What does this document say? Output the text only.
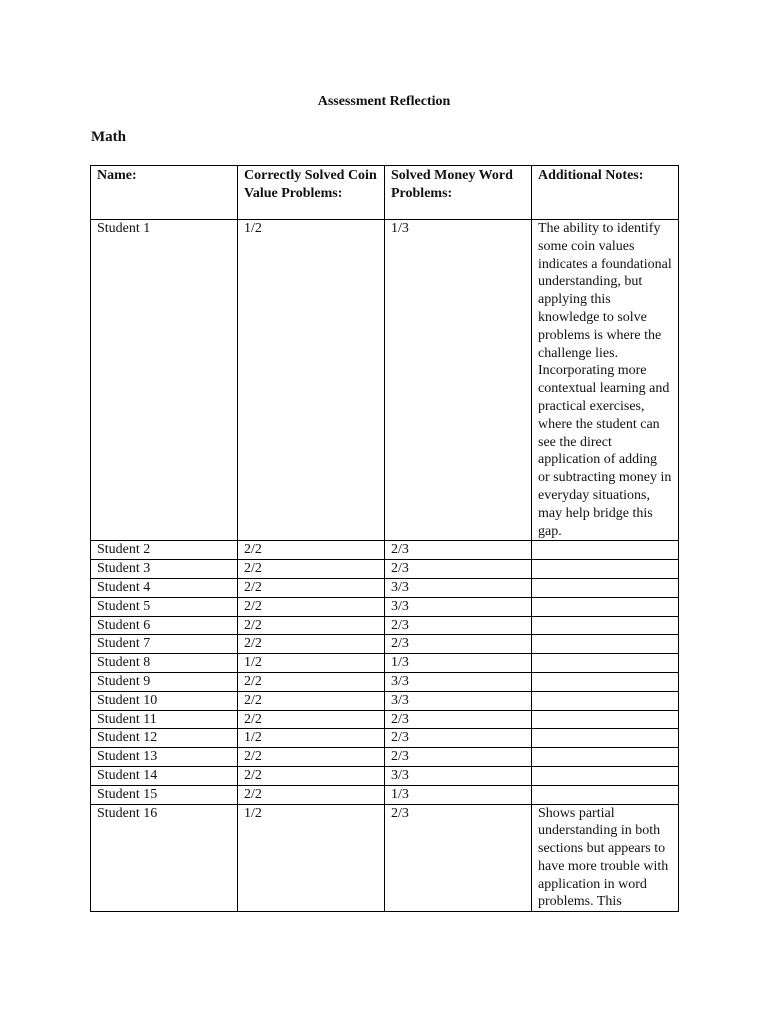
Assessment Reflection
Math
Name:	Correctly Solved Coin Value Problems:	Solved Money Word Problems:	Additional Notes:
Student 1	1/2	1/3	The ability to identify some coin values indicates a foundational understanding, but applying this knowledge to solve problems is where the challenge lies. Incorporating more contextual learning and practical exercises, where the student can see the direct application of adding or subtracting money in everyday situations, may help bridge this gap.
Student 2	2/2	2/3	
Student 3	2/2	2/3	
Student 4	2/2	3/3	
Student 5	2/2	3/3	
Student 6	2/2	2/3	
Student 7	2/2	2/3	
Student 8	1/2	1/3	
Student 9	2/2	3/3	
Student 10	2/2	3/3	
Student 11	2/2	2/3	
Student 12	1/2	2/3	
Student 13	2/2	2/3	
Student 14	2/2	3/3	
Student 15	2/2	1/3	
Student 16	1/2	2/3	Shows partial understanding in both sections but appears to have more trouble with application in word problems. This
